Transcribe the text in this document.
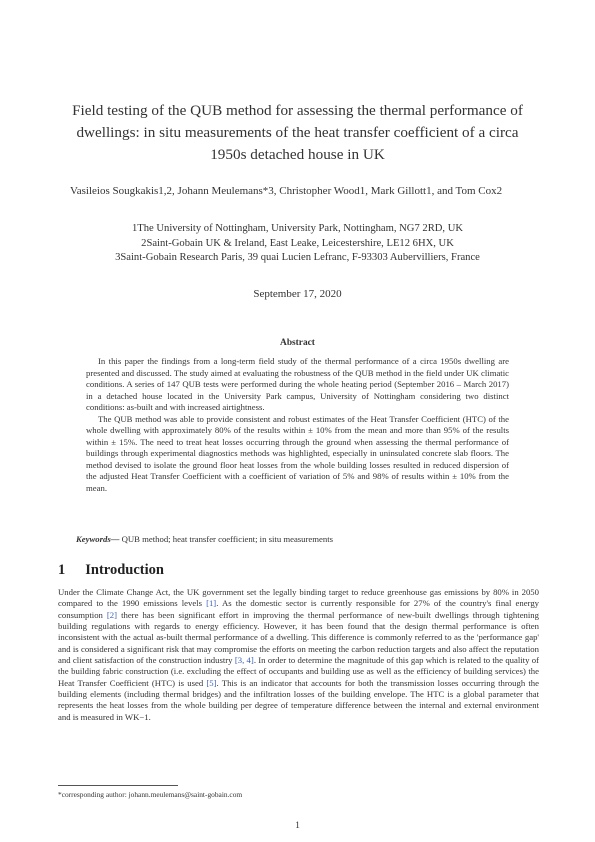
Field testing of the QUB method for assessing the thermal performance of dwellings: in situ measurements of the heat transfer coefficient of a circa 1950s detached house in UK
Vasileios Sougkakis1,2, Johann Meulemans*3, Christopher Wood1, Mark Gillott1, and Tom Cox2
1The University of Nottingham, University Park, Nottingham, NG7 2RD, UK
2Saint-Gobain UK & Ireland, East Leake, Leicestershire, LE12 6HX, UK
3Saint-Gobain Research Paris, 39 quai Lucien Lefranc, F-93303 Aubervilliers, France
September 17, 2020
Abstract

In this paper the findings from a long-term field study of the thermal performance of a circa 1950s dwelling are presented and discussed. The study aimed at evaluating the robustness of the QUB method in the field under UK climatic conditions. A series of 147 QUB tests were performed during the whole heating period (September 2016 – March 2017) in a detached house located in the University Park campus, University of Nottingham considering two distinct conditions: as-built and with increased airtightness.

The QUB method was able to provide consistent and robust estimates of the Heat Transfer Coefficient (HTC) of the whole dwelling with approximately 80% of the results within ± 10% from the mean and more than 95% of the results within ± 15%. The need to treat heat losses occurring through the ground when assessing the thermal performance of buildings through experimental diagnostics methods was highlighted, especially in uninsulated concrete slab floors. The method devised to isolate the ground floor heat losses from the whole building losses resulted in reduced dispersion of the adjusted Heat Transfer Coefficient with a coefficient of variation of 5% and 98% of results within ± 10% from the mean.

Keywords— QUB method; heat transfer coefficient; in situ measurements
1 Introduction

Under the Climate Change Act, the UK government set the legally binding target to reduce greenhouse gas emissions by 80% in 2050 compared to the 1990 emissions levels [1]. As the domestic sector is currently responsible for 27% of the country's final energy consumption [2] there has been significant effort in improving the thermal performance of new-built dwellings through tightening building regulations with regards to energy efficiency. However, it has been found that the design thermal performance is often inconsistent with the actual as-built thermal performance of a dwelling. This difference is commonly referred to as the 'performance gap' and is considered a significant risk that may compromise the efforts on meeting the carbon reduction targets and also affect the reputation and client satisfaction of the construction industry [3, 4]. In order to determine the magnitude of this gap which is related to the quality of the building fabric construction (i.e. excluding the effect of occupants and building use as well as the efficiency of building services) the Heat Transfer Coefficient (HTC) is used [5]. This is an indicator that accounts for both the transmission losses occurring through the building elements (including thermal bridges) and the infiltration losses of the building envelope. The HTC is a global parameter that represents the heat losses from the whole building per degree of temperature difference between the internal and external environment and is measured in WK−1.

*corresponding author: johann.meulemans@saint-gobain.com
1
